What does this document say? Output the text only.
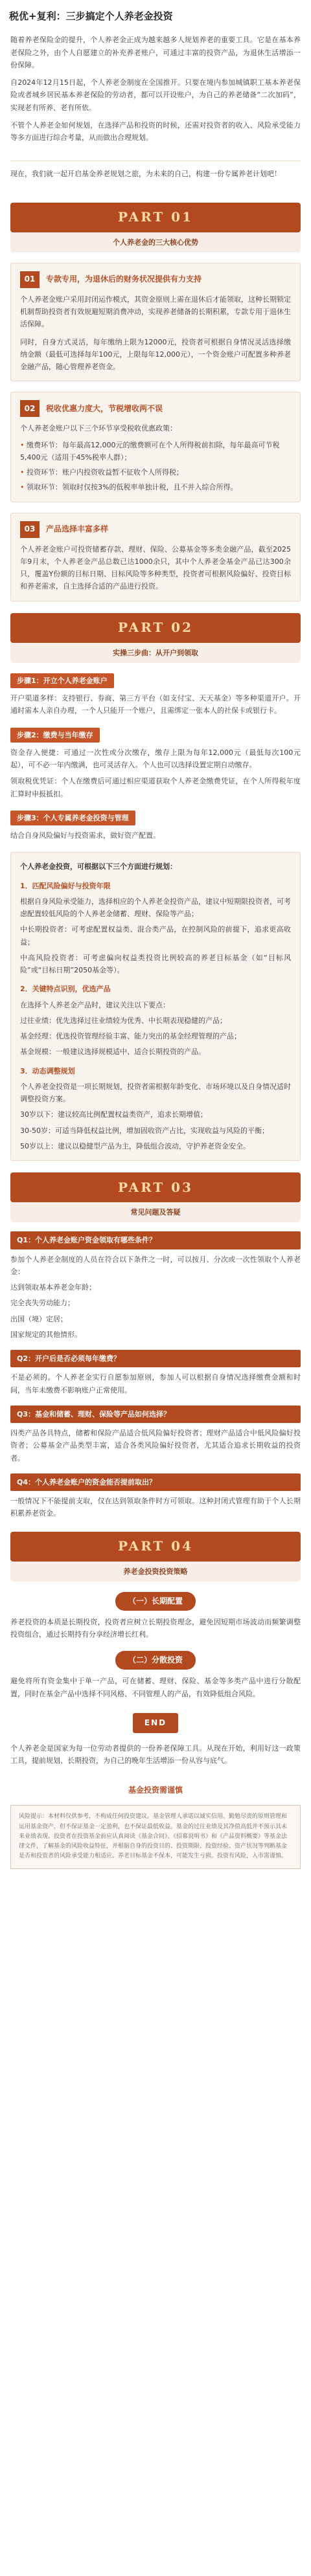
税优+复利：三步搞定个人养老金投资

随着养老保险金的提升，个人养老金正成为越来越多人规划养老的重要工具。它是在基本养老保险之外，由个人自愿建立的补充养老账户，可通过丰富的投资产品，为退休生活增添一份保障。

自2024年12月15日起，个人养老金制度在全国推开。只要在境内参加城镇职工基本养老保险或者城乡居民基本养老保险的劳动者，都可以开设账户，为自己的养老储备“二次加码”，实现老有所养、老有所依。

不管个人养老金如何规划，在选择产品和投资的时候，还需对投资者的收入、风险承受能力等多方面进行综合考量，从而做出合理规划。

现在，我们就一起开启基金养老规划之旅，为未来的自己，构建一份专属养老计划吧！

PART 01
个人养老金的三大核心优势
01	专款专用，为退休后的财务状况提供有力支持

个人养老金账户采用封闭运作模式，其资金原则上需在退休后才能领取，这种长期锁定机制帮助投资者有效规避短期消费冲动，实现养老储备的长期积累，专款专用于退休生活保障。

同时，自身方式灵活，每年缴纳上限为12000元，投资者可根据自身情况灵活选择缴纳金额（最低可选择每年100元，上限每年12,000元），一个资金账户可配置多种养老金融产品，随心管理养老资金。

02	税收优惠力度大，节税增收两不误

个人养老金账户以下三个环节享受税收优惠政策：

• 缴费环节：每年最高12,000元的缴费额可在个人所得税前扣除，每年最高可节税5,400元（适用于45%税率人群）；
• 投资环节：账户内投资收益暂不征收个人所得税；
• 领取环节：领取时仅按3%的低税率单独计税，且不并入综合所得。
03	产品选择丰富多样

个人养老金账户可投资储蓄存款、理财、保险、公募基金等多类金融产品，截至2025年9月末，个人养老金产品总数已达1000余只，其中个人养老金基金产品已达300余只，覆盖Y份额的目标日期、目标风险等多种类型，投资者可根据风险偏好、投资目标和养老需求，自主选择合适的产品进行投资。

PART 02
实操三步曲：从开户到领取
步骤1：开立个人养老金账户

开户渠道多样：支持银行、券商、第三方平台（如支付宝、天天基金）等多种渠道开户。开通时需本人亲自办理，一个人只能开一个账户，且需绑定一张本人的社保卡或银行卡。

步骤2：缴费与当年缴存

资金存入便捷：可通过一次性或分次缴存，缴存上限为每年12,000元（最低每次100元起），可不必一年内缴满，也可灵活存入。个人也可以选择设置定期自动缴存。

领取税优凭证：个人在缴费后可通过相应渠道获取个人养老金缴费凭证，在个人所得税年度汇算时申报抵扣。

步骤3：个人专属养老金投资与管理

结合自身风险偏好与投资需求，做好资产配置。

个人养老金投资，可根据以下三个方面进行规划：
1．匹配风险偏好与投资年限

根据自身风险承受能力，选择相应的个人养老金投资产品，建议中短期限投资者，可考虑配置较低风险的个人养老金储蓄、理财、保险等产品；

中长期投资者：可考虑配置权益类、混合类产品，在控制风险的前提下，追求更高收益；

中高风险投资者：可考虑偏向权益类投资比例较高的养老目标基金（如“目标风险”或“目标日期”2050基金等）。

2．关键特点识别，优选产品

在选择个人养老金产品时，建议关注以下要点：

过往业绩：优先选择过往业绩较为优秀、中长期表现稳健的产品；

基金经理：优选投资管理经验丰富、能力突出的基金经理管理的产品；

基金规模：一般建议选择规模适中、适合长期投资的产品。

3．动态调整规划

个人养老金投资是一项长期规划，投资者需根据年龄变化、市场环境以及自身情况适时调整投资方案。

30岁以下：建议较高比例配置权益类资产，追求长期增值；

30-50岁：可适当降低权益比例，增加固收资产占比，实现收益与风险的平衡；

50岁以上：建议以稳健型产品为主，降低组合波动，守护养老资金安全。

PART 03
常见问题及答疑
Q1：个人养老金账户资金领取有哪些条件？

参加个人养老金制度的人员在符合以下条件之一时，可以按月、分次或一次性领取个人养老金：

达到领取基本养老金年龄；

完全丧失劳动能力；

出国（境）定居；

国家规定的其他情形。

Q2：开户后是否必须每年缴费？

不是必须的。个人养老金实行自愿参加原则，参加人可以根据自身情况选择缴费金额和时间，当年未缴费不影响账户正常使用。

Q3：基金和储蓄、理财、保险等产品如何选择？

四类产品各具特点，储蓄和保险产品适合低风险偏好投资者；理财产品适合中低风险偏好投资者；公募基金产品类型丰富，适合各类风险偏好投资者，尤其适合追求长期收益的投资者。

Q4：个人养老金账户的资金能否提前取出？

一般情况下不能提前支取，仅在达到领取条件时方可领取。这种封闭式管理有助于个人长期积累养老资金。

PART 04
养老金投资投资策略
（一）长期配置

养老投资的本质是长期投资，投资者应树立长期投资理念，避免因短期市场波动而频繁调整投资组合，通过长期持有分享经济增长红利。

（二）分散投资

避免将所有资金集中于单一产品，可在储蓄、理财、保险、基金等多类产品中进行分散配置，同时在基金产品中选择不同风格、不同管理人的产品，有效降低组合风险。

END
个人养老金是国家为每一位劳动者提供的一份养老保障工具。从现在开始，利用好这一政策工具，提前规划、长期投资，为自己的晚年生活增添一份从容与底气。
基金投资需谨慎
风险提示：本材料仅供参考，不构成任何投资建议。基金管理人承诺以诚实信用、勤勉尽责的原则管理和运用基金资产，但不保证基金一定盈利，也不保证最低收益。基金的过往业绩及其净值高低并不预示其未来业绩表现。投资者在投资基金前应认真阅读《基金合同》、《招募说明书》和《产品资料概要》等基金法律文件，了解基金的风险收益特征，并根据自身的投资目的、投资期限、投资经验、资产状况等判断基金是否和投资者的风险承受能力相适应。养老目标基金不保本，可能发生亏损。投资有风险，入市需谨慎。
